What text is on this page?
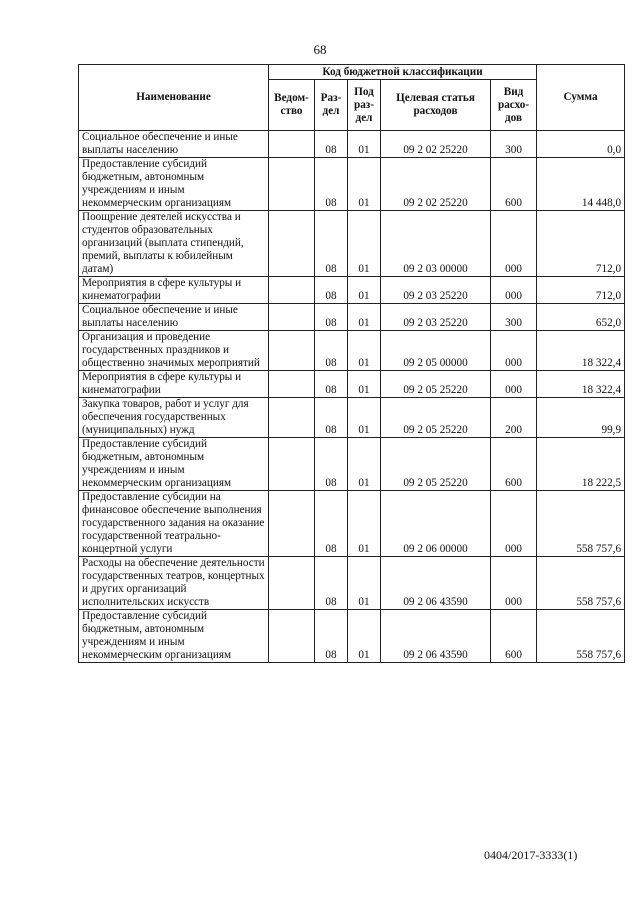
68
Наименование	Код бюджетной классификации					Сумма
	Ведом-ство	Раз-дел	Под раз-дел	Целевая статья расходов	Вид расхо-дов	
Социальное обеспечение и иные выплаты населению		08	01	09 2 02 25220	300	0,0
Предоставление субсидий бюджетным, автономным учреждениям и иным некоммерческим организациям		08	01	09 2 02 25220	600	14 448,0
Поощрение деятелей искусства и студентов образовательных организаций (выплата стипендий, премий, выплаты к юбилейным датам)		08	01	09 2 03 00000	000	712,0
Мероприятия в сфере культуры и кинематографии		08	01	09 2 03 25220	000	712,0
Социальное обеспечение и иные выплаты населению		08	01	09 2 03 25220	300	652,0
Организация и проведение государственных праздников и общественно значимых мероприятий		08	01	09 2 05 00000	000	18 322,4
Мероприятия в сфере культуры и кинематографии		08	01	09 2 05 25220	000	18 322,4
Закупка товаров, работ и услуг для обеспечения государственных (муниципальных) нужд		08	01	09 2 05 25220	200	99,9
Предоставление субсидий бюджетным, автономным учреждениям и иным некоммерческим организациям		08	01	09 2 05 25220	600	18 222,5
Предоставление субсидии на финансовое обеспечение выполнения государственного задания на оказание государственной театрально-концертной услуги		08	01	09 2 06 00000	000	558 757,6
Расходы на обеспечение деятельности государственных театров, концертных и других организаций исполнительских искусств		08	01	09 2 06 43590	000	558 757,6
Предоставление субсидий бюджетным, автономным учреждениям и иным некоммерческим организациям		08	01	09 2 06 43590	600	558 757,6
0404/2017-3333(1)
